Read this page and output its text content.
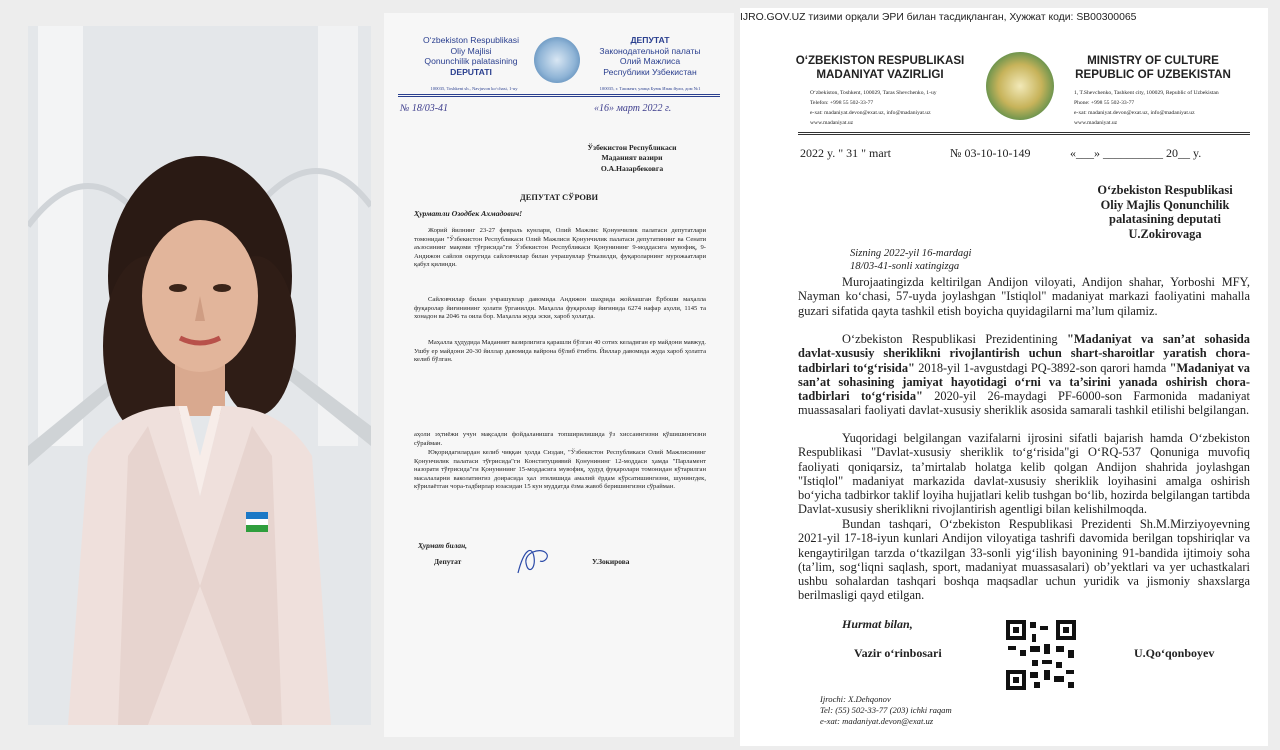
O‘zbekiston Respublikasi
Oliy Majlisi
Qonunchilik palatasining
DEPUTATI
ДЕПУТАТ
Законодательной палаты
Олий Мажлиса
Республики Узбекистан
100035, Toshkent sh., Navjuvon ko‘chasi, 1-uy	100035, г. Ташкент, улица Буюк Ипак йули, дом №1
№ 18/03-41	«16» март 2022 г.
Ўзбекистон Республикаси
Маданият вазири
О.А.Назарбековга
ДЕПУТАТ СЎРОВИ
Ҳурматли Озодбек Ахмадович!
Жорий йилнинг 23-27 февраль кунлари, Олий Мажлис Қонунчилик палатаси депутатлари томонидан "Ўзбекистон Республикаси Олий Мажлиси Қонунчилик палатаси депутатининг ва Сенати аъзосининг мақоми тўғрисида"ги Ўзбекистон Республикаси Қонунининг 9-моддасига мувофиқ, 9-Андижон сайлов округида сайловчилар билан учрашувлар ўтказилди, фуқароларнинг мурожаатлари қабул қилинди.
Сайловчилар билан учрашувлар давомида Андижон шаҳрида жойлашган Ёрбоши маҳалла фуқаролар йиғинининг ҳолати ўрганилди. Маҳалла фуқаролар йиғинида 6274 нафар аҳоли, 1145 та хонадон ва 2046 та оила бор. Маҳалла жуда эски, хароб ҳолатда.
Маҳалла ҳудудида Маданият вазирлигига қарашли бўлган 40 сотих келадиган ер майдони мавжуд. Ушбу ер майдони 20-30 йиллар давомида вайрона бўлиб ётибти. Йиллар давомида жуда хароб ҳолатга келиб бўлган.
аҳоли эҳтиёжи учун мақсадли фойдаланишга топширилишида ўз хиссаингизни қўшишингизни сўрайман.
Юқоридагилардан келиб чиққан ҳолда Сиздан, "Ўзбекистон Республикаси Олий Мажлисининг Қонунчилик палатаси тўғрисида"ги Конституциявий Қонунининг 12-моддаси ҳамда "Парламент назорати тўғрисида"ги Қонунининг 15-моддасига мувофиқ, ҳудуд фуқаролари томонидан кўтарилган масалаларни ваколатингиз доирасида ҳал этилишида амалий ёрдам кўрсатишингизни, шунингдек, кўрилаётган чора-тадбирлар юзасидан 15 кун муддатда ёзма жавоб беришингизни сўрайман.
Ҳурмат билан,
Депутат	У.Зокирова
IJRO.GOV.UZ тизими орқали ЭРИ билан тасдиқланган, Хужжат коди: SB00300065
O‘ZBEKISTON RESPUBLIKASI
MADANIYAT VAZIRLIGI
O‘zbekiston, Toshkent, 100029, Taras Shevchenko, 1-uy
Telefon: +998 55 502-33-77
e-xat: madaniyat.devon@exat.uz, info@madaniyat.uz
www.madaniyat.uz
MINISTRY OF CULTURE
REPUBLIC OF UZBEKISTAN
1, T.Shevchenko, Tashkent city, 100029, Republic of Uzbekistan
Phone: +998 55 502-33-77
e-xat: madaniyat.devon@exat.uz, info@madaniyat.uz
www.madaniyat.uz
2022 y. " 31 " mart	№ 03-10-10-149	«___» __________ 20__ y.
O‘zbekiston Respublikasi
Oliy Majlis Qonunchilik
palatasining deputati
U.Zokirovaga
Sizning 2022-yil 16-mardagi
18/03-41-sonli xatingizga
Murojaatingizda keltirilgan Andijon viloyati, Andijon shahar, Yorboshi MFY, Nayman ko‘chasi, 57-uyda joylashgan "Istiqlol" madaniyat markazi faoliyatini mahalla guzari sifatida qayta tashkil etish boyicha quyidagilarni ma’lum qilamiz.
O‘zbekiston Respublikasi Prezidentining "Madaniyat va san’at sohasida davlat-xususiy sheriklikni rivojlantirish uchun shart-sharoitlar yaratish chora-tadbirlari to‘g‘risida" 2018-yil 1-avgustdagi PQ-3892-son qarori hamda "Madaniyat va san’at sohasining jamiyat hayotidagi o‘rni va ta’sirini yanada oshirish chora-tadbirlari to‘g‘risida" 2020-yil 26-maydagi PF-6000-son Farmonida madaniyat muassasalari faoliyati davlat-xususiy sheriklik asosida samarali tashkil etilishi belgilangan.
Yuqoridagi belgilangan vazifalarni ijrosini sifatli bajarish hamda O‘zbekiston Respublikasi "Davlat-xususiy sheriklik to‘g‘risida"gi O‘RQ-537 Qonuniga muvofiq faoliyati qoniqarsiz, ta’mirtalab holatga kelib qolgan Andijon shahrida joylashgan "Istiqlol" madaniyat markazida davlat-xususiy sheriklik loyihasini amalga oshirish bo‘yicha tadbirkor taklif loyiha hujjatlari kelib tushgan bo‘lib, hozirda belgilangan tartibda Davlat-xususiy sheriklikni rivojlantirish agentligi bilan kelishilmoqda.
Bundan tashqari, O‘zbekiston Respublikasi Prezidenti Sh.M.Mirziyoyevning 2021-yil 17-18-iyun kunlari Andijon viloyatiga tashrifi davomida berilgan topshiriqlar va kengaytirilgan tarzda o‘tkazilgan 33-sonli yig‘ilish bayonining 91-bandida ijtimoiy soha (ta’lim, sog‘liqni saqlash, sport, madaniyat muassasalari) ob’yektlari va yer uchastkalari ushbu sohalardan tashqari boshqa maqsadlar uchun yuridik va jismoniy shaxslarga berilmasligi qayd etilgan.
Hurmat bilan,
Vazir o‘rinbosari	U.Qo‘qonboyev
Ijrochi: X.Dehqonov
Tel: (55) 502-33-77 (203) ichki raqam
e-xat: madaniyat.devon@exat.uz
